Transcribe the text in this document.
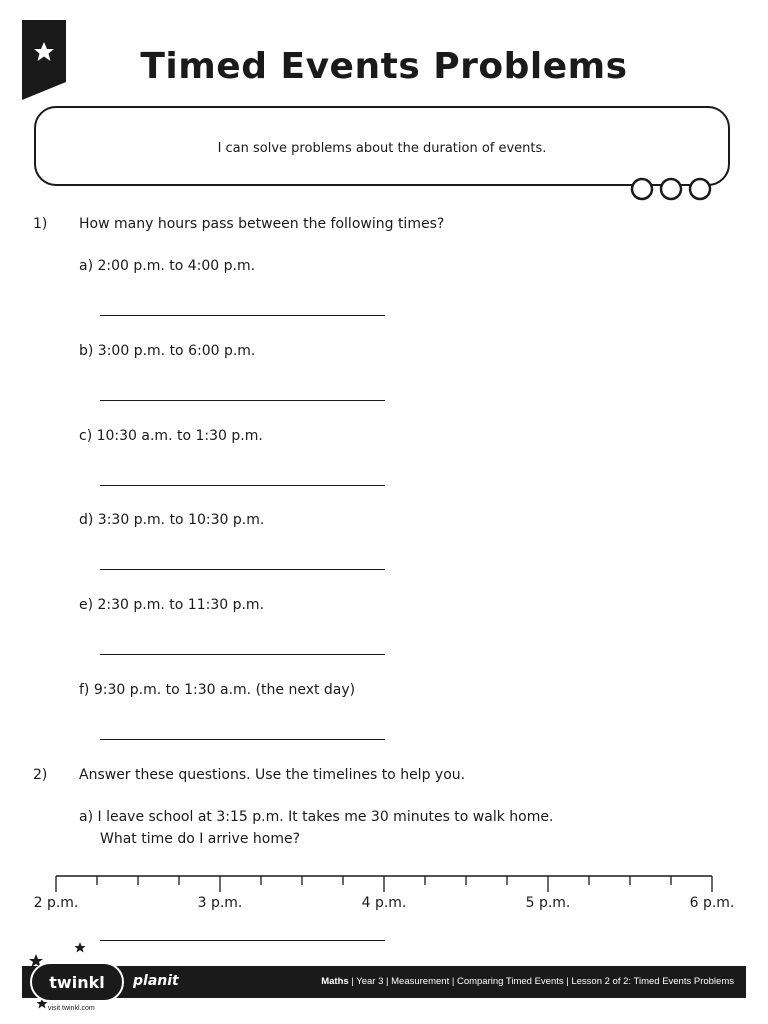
Timed Events Problems
I can solve problems about the duration of events.
1) How many hours pass between the following times?
a) 2:00 p.m. to 4:00 p.m.
b) 3:00 p.m. to 6:00 p.m.
c) 10:30 a.m. to 1:30 p.m.
d) 3:30 p.m. to 10:30 p.m.
e) 2:30 p.m. to 11:30 p.m.
f) 9:30 p.m. to 1:30 a.m. (the next day)
2) Answer these questions. Use the timelines to help you.
a) I leave school at 3:15 p.m. It takes me 30 minutes to walk home.
What time do I arrive home?
2 p.m.	3 p.m.	4 p.m.	5 p.m.	6 p.m.
Maths | Year 3 | Measurement | Comparing Timed Events | Lesson 2 of 2: Timed Events Problems
twinkl	planit
visit twinkl.com
